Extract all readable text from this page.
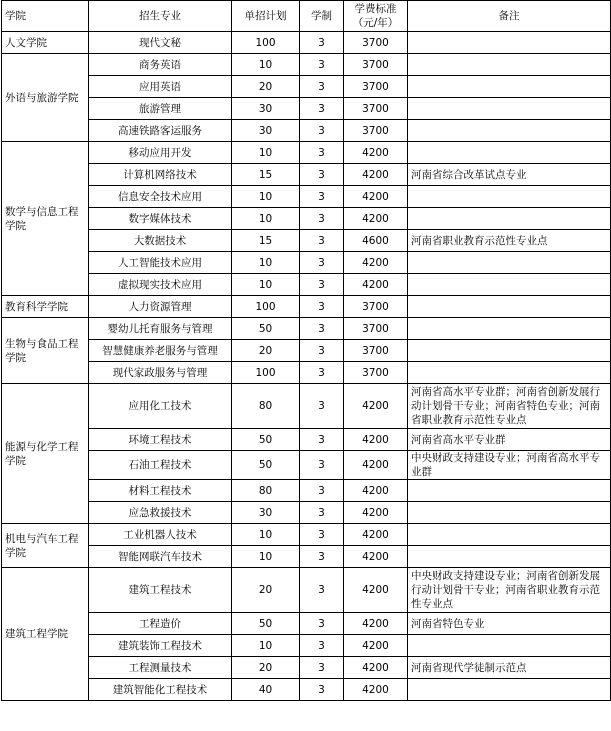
学院	招生专业	单招计划	学制	学费标准（元/年）	备注
人文学院	现代文秘	100	3	3700	
外语与旅游学院	商务英语	10	3	3700	
	应用英语	20	3	3700	
	旅游管理	30	3	3700	
	高速铁路客运服务	30	3	3700	
数学与信息工程学院	移动应用开发	10	3	4200	
	计算机网络技术	15	3	4200	河南省综合改革试点专业
	信息安全技术应用	10	3	4200	
	数字媒体技术	10	3	4200	
	大数据技术	15	3	4600	河南省职业教育示范性专业点
	人工智能技术应用	10	3	4200	
	虚拟现实技术应用	10	3	4200	
教育科学学院	人力资源管理	100	3	3700	
生物与食品工程学院	婴幼儿托育服务与管理	50	3	3700	
	智慧健康养老服务与管理	20	3	3700	
	现代家政服务与管理	100	3	3700	
能源与化学工程学院	应用化工技术	80	3	4200	河南省高水平专业群；河南省创新发展行动计划骨干专业；河南省特色专业；河南省职业教育示范性专业点
	环境工程技术	50	3	4200	河南省高水平专业群
	石油工程技术	50	3	4200	中央财政支持建设专业；河南省高水平专业群
	材料工程技术	80	3	4200	
	应急救援技术	30	3	4200	
机电与汽车工程学院	工业机器人技术	10	3	4200	
	智能网联汽车技术	10	3	4200	
建筑工程学院	建筑工程技术	20	3	4200	中央财政支持建设专业；河南省创新发展行动计划骨干专业；河南省职业教育示范性专业点
	工程造价	50	3	4200	河南省特色专业
	建筑装饰工程技术	10	3	4200	
	工程测量技术	20	3	4200	河南省现代学徒制示范点
	建筑智能化工程技术	40	3	4200	
